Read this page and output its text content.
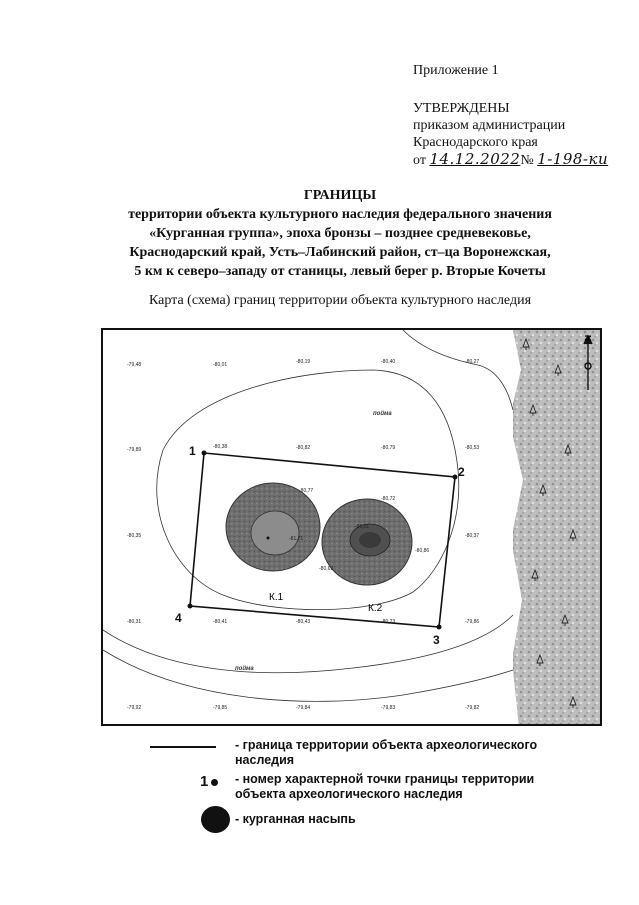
Приложение 1
УТВЕРЖДЕНЫ
приказом администрации
Краснодарского края
от 14.12.2022№ 1-198-ки
ГРАНИЦЫ
территории объекта культурного наследия федерального значения
«Курганная группа», эпоха бронзы – позднее средневековье,
Краснодарский край, Усть–Лабинский район, ст–ца Воронежская,
5 км к северо–западу от станицы, левый берег р. Вторые Кочеты
Карта (схема) границ территории объекта культурного наследия
N
пойма
пойма
К.1
К.2
-80,77
-81,71
-80,72
-80,86
-80,69
-80,01
-79,48	-80,01	-80,19	-80,40	-80,27
-79,89	-80,38	-80,82	-80,79	-80,53
-80,35	-80,37
-80,31	-80,41	-80,43	-80,23	-79,86
-79,92	-79,85	-79,84	-79,83	-79,82
1
2
3
4
- граница территории объекта археологического
наследия
1	- номер характерной точки границы территории
объекта археологического наследия
- курганная насыпь
